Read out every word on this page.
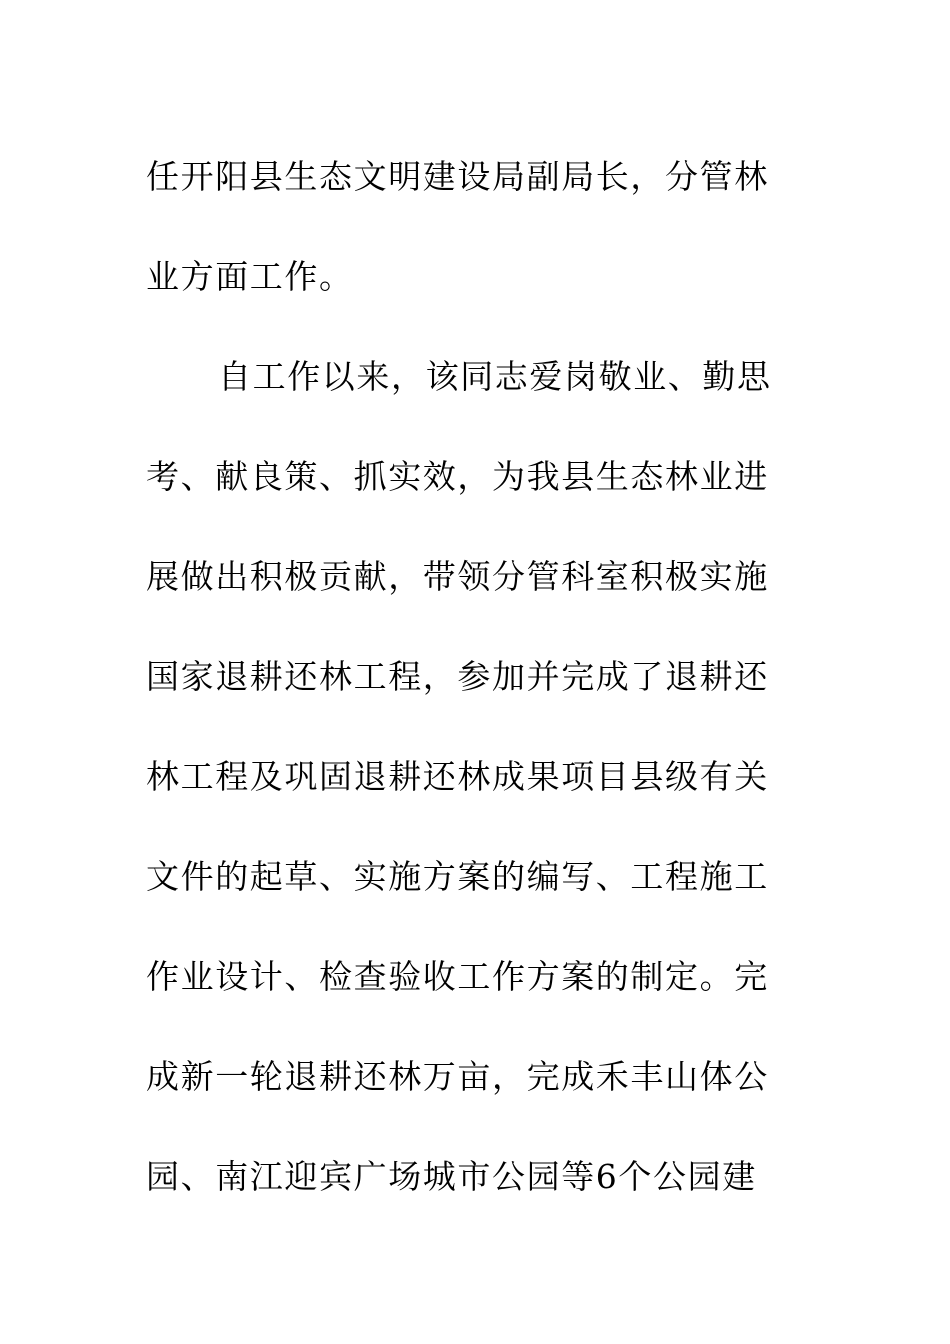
任开阳县生态文明建设局副局长，分管林
业方面工作。
自工作以来，该同志爱岗敬业、勤思
考、献良策、抓实效，为我县生态林业进
展做出积极贡献，带领分管科室积极实施
国家退耕还林工程，参加并完成了退耕还
林工程及巩固退耕还林成果项目县级有关
文件的起草、实施方案的编写、工程施工
作业设计、检查验收工作方案的制定。完
成新一轮退耕还林万亩，完成禾丰山体公
园、南江迎宾广场城市公园等6个公园建
